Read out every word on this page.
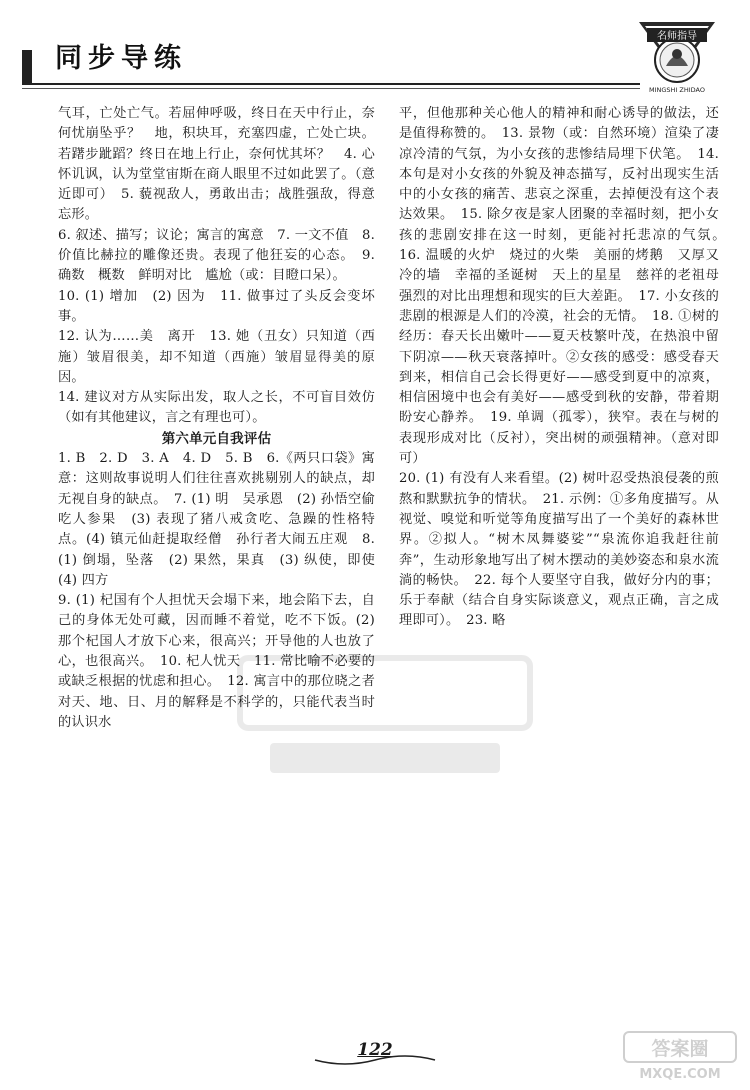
同步导练
名师指导
MINGSHI ZHIDAO

气耳，亡处亡气。若屈伸呼吸，终日在天中行止，奈何忧崩坠乎？　地，积块耳，充塞四虚，亡处亡块。若躇步跐蹈？终日在地上行止，奈何忧其坏？　4. 心怀讥讽，认为堂堂宙斯在商人眼里不过如此罢了。（意近即可）　5. 藐视敌人，勇敢出击；战胜强敌，得意忘形。

6. 叙述、描写；议论；寓言的寓意　7. 一文不值　8. 价值比赫拉的雕像还贵。表现了他狂妄的心态。　9. 确数　概数　鲜明对比　尴尬（或：目瞪口呆）。

10. (1) 增加　(2) 因为　11. 做事过了头反会变坏事。

12. 认为……美　离开　13. 她（丑女）只知道（西施）皱眉很美，却不知道（西施）皱眉显得美的原因。

14. 建议对方从实际出发，取人之长，不可盲目效仿（如有其他建议，言之有理也可）。

第六单元自我评估

1. B　2. D　3. A　4. D　5. B　6.《两只口袋》寓意：这则故事说明人们往往喜欢挑剔别人的缺点，却无视自身的缺点。　7. (1) 明　吴承恩　(2) 孙悟空偷吃人参果　(3) 表现了猪八戒贪吃、急躁的性格特点。(4) 镇元仙赶提取经僧　孙行者大闹五庄观　8. (1) 倒塌，坠落　(2) 果然，果真　(3) 纵使，即使　(4) 四方

9. (1) 杞国有个人担忧天会塌下来，地会陷下去，自己的身体无处可藏，因而睡不着觉，吃不下饭。(2) 那个杞国人才放下心来，很高兴；开导他的人也放了心，也很高兴。　10. 杞人忧天　11. 常比喻不必要的或缺乏根据的忧虑和担心。　12. 寓言中的那位晓之者对天、地、日、月的解释是不科学的，只能代表当时的认识水

平，但他那种关心他人的精神和耐心诱导的做法，还是值得称赞的。　13. 景物（或：自然环境）渲染了凄凉冷清的气氛，为小女孩的悲惨结局埋下伏笔。　14. 本句是对小女孩的外貌及神态描写，反衬出现实生活中的小女孩的痛苦、悲哀之深重，去掉便没有这个表达效果。　15. 除夕夜是家人团聚的幸福时刻，把小女孩的悲剧安排在这一时刻，更能衬托悲凉的气氛。　16. 温暖的火炉　烧过的火柴　美丽的烤鹅　又厚又冷的墙　幸福的圣诞树　天上的星星　慈祥的老祖母　强烈的对比出理想和现实的巨大差距。　17. 小女孩的悲剧的根源是人们的冷漠，社会的无情。　18. ①树的经历：春天长出嫩叶——夏天枝繁叶茂，在热浪中留下阴凉——秋天衰落掉叶。②女孩的感受：感受春天到来，相信自己会长得更好——感受到夏中的凉爽，相信困境中也会有美好——感受到秋的安静，带着期盼安心静养。　19. 单调（孤零），狭窄。表在与树的表现形成对比（反衬），突出树的顽强精神。（意对即可）

20. (1) 有没有人来看望。(2) 树叶忍受热浪侵袭的煎熬和默默抗争的情状。　21. 示例：①多角度描写。从视觉、嗅觉和听觉等角度描写出了一个美好的森林世界。②拟人。“树木凤舞婆娑”“泉流你追我赶往前奔”，生动形象地写出了树木摆动的美妙姿态和泉水流淌的畅快。　22. 每个人要坚守自我，做好分内的事；乐于奉献（结合自身实际谈意义，观点正确，言之成理即可）。　23. 略

122	答案圈
MXQE.COM
